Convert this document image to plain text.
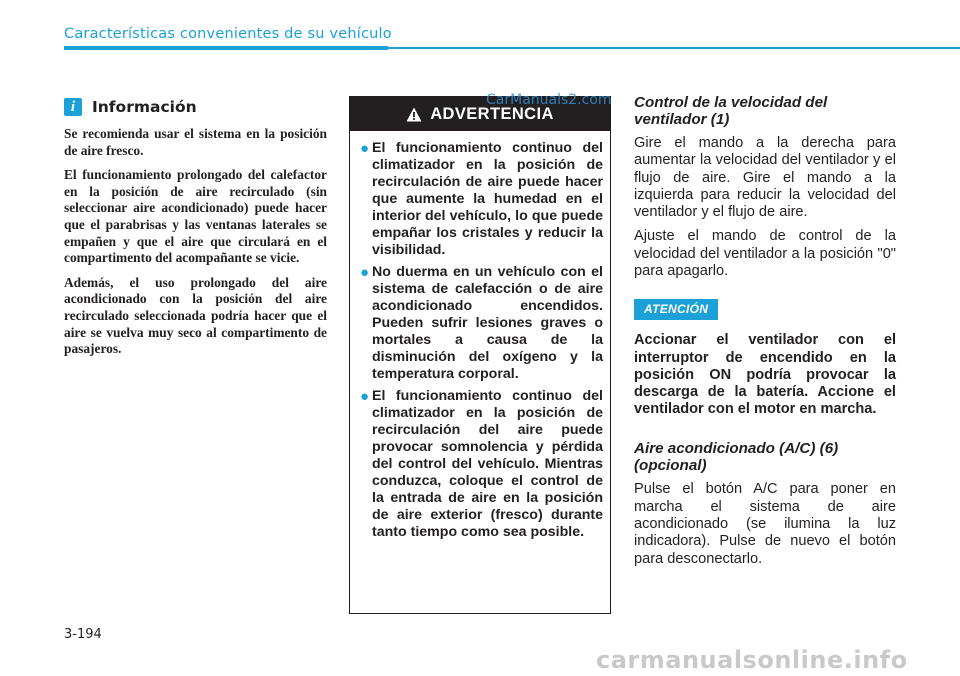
Características convenientes de su vehículo
i	Información

Se recomienda usar el sistema en la posición de aire fresco.

El funcionamiento prolongado del calefactor en la posición de aire recirculado (sin seleccionar aire acondicionado) puede hacer que el parabrisas y las ventanas laterales se empañen y que el aire que circulará en el compartimento del acompañante se vicie.

Además, el uso prolongado del aire acondicionado con la posición del aire recirculado seleccionada podría hacer que el aire se vuelva muy seco al compartimento de pasajeros.

ADVERTENCIA
● El funcionamiento continuo del climatizador en la posición de recirculación de aire puede hacer que aumente la humedad en el interior del vehículo, lo que puede empañar los cristales y reducir la visibilidad.
● No duerma en un vehículo con el sistema de calefacción o de aire acondicionado encendidos. Pueden sufrir lesiones graves o mortales a causa de la disminución del oxígeno y la temperatura corporal.
● El funcionamiento continuo del climatizador en la posición de recirculación del aire puede provocar somnolencia y pérdida del control del vehículo. Mientras conduzca, coloque el control de la entrada de aire en la posición de aire exterior (fresco) durante tanto tiempo como sea posible.
Control de la velocidad del ventilador (1)

Gire el mando a la derecha para aumentar la velocidad del ventilador y el flujo de aire. Gire el mando a la izquierda para reducir la velocidad del ventilador y el flujo de aire.

Ajuste el mando de control de la velocidad del ventilador a la posición "0" para apagarlo.

ATENCIÓN

Accionar el ventilador con el interruptor de encendido en la posición ON podría provocar la descarga de la batería. Accione el ventilador con el motor en marcha.

Aire acondicionado (A/C) (6) (opcional)

Pulse el botón A/C para poner en marcha el sistema de aire acondicionado (se ilumina la luz indicadora). Pulse de nuevo el botón para desconectarlo.

3-194
CarManuals2.com
carmanualsonline.info
